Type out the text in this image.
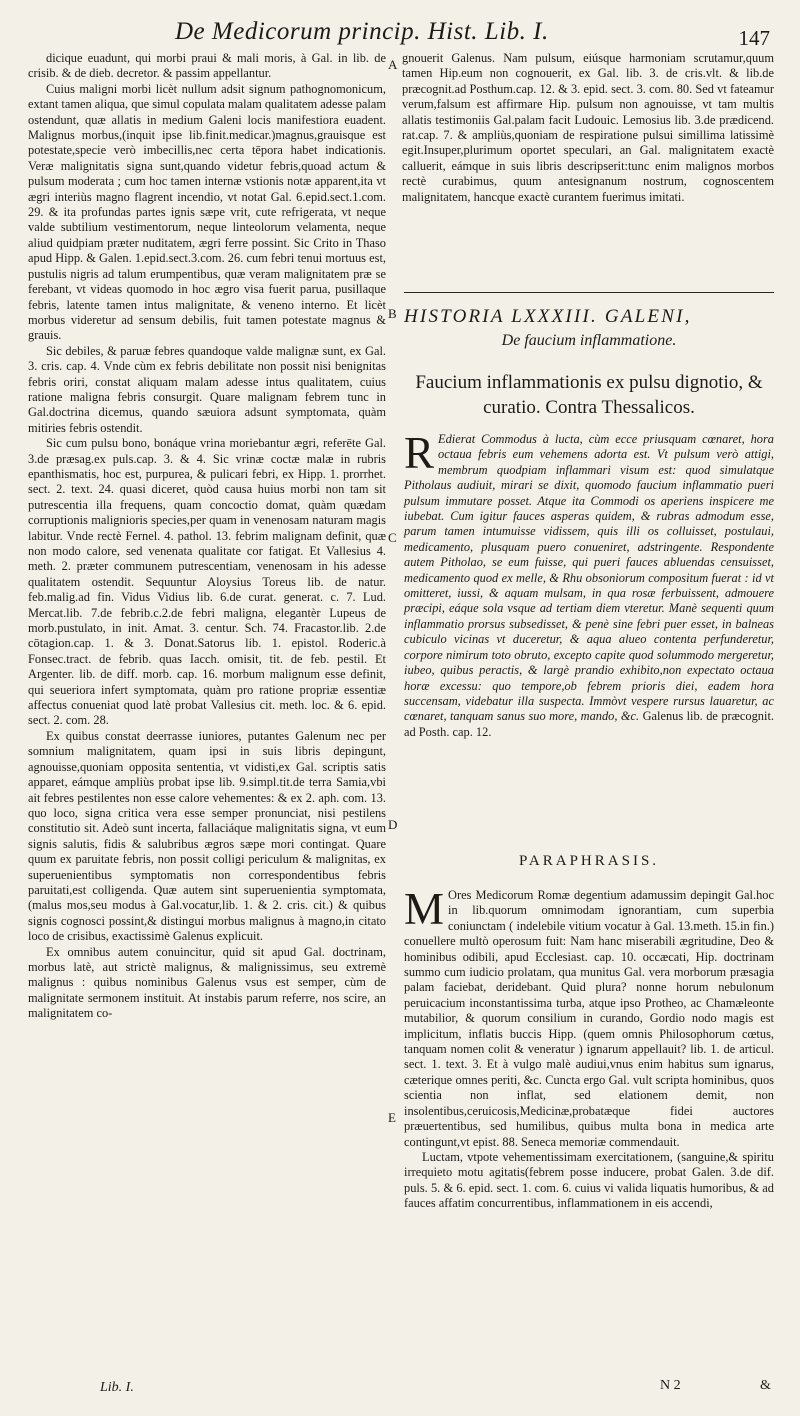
De Medicorum princip. Hist. Lib. I.	147

dicique euadunt, qui morbi praui & mali moris, à Gal. in lib. de crisib. & de dieb. decretor. & passim appellantur.

Cuius maligni morbi licèt nullum adsit signum pathognomonicum, extant tamen aliqua, que simul copulata malam qualitatem adesse palam ostendunt, quæ allatis in medium Galeni locis manifestiora euadent. Malignus morbus,(inquit ipse lib.finit.medicar.)magnus,grauisque est potestate,specie verò imbecillis,nec certa tēpora habet indicationis. Veræ malignitatis signa sunt,quando videtur febris,quoad actum & pulsum moderata ; cum hoc tamen internæ vstionis notæ apparent,ita vt ægri interiùs magno flagrent incendio, vt notat Gal. 6.epid.sect.1.com. 29. & ita profundas partes ignis sæpe vrit, cute refrigerata, vt neque valde subtilium vestimentorum, neque linteolorum velamenta, neque aliud quidpiam præter nuditatem, ægri ferre possint. Sic Crito in Thaso apud Hipp. & Galen. 1.epid.sect.3.com. 26. cum febri tenui mortuus est, pustulis nigris ad talum erumpentibus, quæ veram malignitatem præ se ferebant, vt videas quomodo in hoc ægro visa fuerit parua, pusillaque febris, latente tamen intus malignitate, & veneno interno. Et licèt morbus videretur ad sensum debilis, fuit tamen potestate magnus & grauis.

Sic debiles, & paruæ febres quandoque valde malignæ sunt, ex Gal. 3. cris. cap. 4. Vnde cùm ex febris debilitate non possit nisi benignitas febris oriri, constat aliquam malam adesse intus qualitatem, cuius ratione maligna febris consurgit. Quare malignam febrem tunc in Gal.doctrina dicemus, quando sæuiora adsunt symptomata, quàm mitiries febris ostendit.

Sic cum pulsu bono, bonáque vrina moriebantur ægri, referēte Gal. 3.de præsag.ex puls.cap. 3. & 4. Sic vrinæ coctæ malæ in rubris epanthismatis, hoc est, purpurea, & pulicari febri, ex Hipp. 1. prorrhet. sect. 2. text. 24. quasi diceret, quòd causa huius morbi non tam sit putrescentia illa frequens, quam concoctio domat, quàm quædam corruptionis malignioris species,per quam in venenosam naturam magis labitur. Vnde rectè Fernel. 4. pathol. 13. febrim malignam definit, quæ non modo calore, sed venenata qualitate cor fatigat. Et Vallesius 4. meth. 2. præter communem putrescentiam, venenosam in his adesse qualitatem ostendit. Sequuntur Aloysius Toreus lib. de natur. feb.malig.ad fin. Vidus Vidius lib. 6.de curat. generat. c. 7. Lud. Mercat.lib. 7.de febrib.c.2.de febri maligna, elegantèr Lupeus de morb.pustulato, in init. Amat. 3. centur. Sch. 74. Fracastor.lib. 2.de cōtagion.cap. 1. & 3. Donat.Satorus lib. 1. epistol. Roderic.à Fonsec.tract. de febrib. quas Iacch. omisit, tit. de feb. pestil. Et Argenter. lib. de diff. morb. cap. 16. morbum malignum esse definit, qui seueriora infert symptomata, quàm pro ratione propriæ essentiæ affectus conueniat quod latè probat Vallesius cit. meth. loc. & 6. epid. sect. 2. com. 28.

Ex quibus constat deerrasse iuniores, putantes Galenum nec per somnium malignitatem, quam ipsi in suis libris depingunt, agnouisse,quoniam opposita sententia, vt vidisti,ex Gal. scriptis satis apparet, eámque ampliùs probat ipse lib. 9.simpl.tit.de terra Samia,vbi ait febres pestilentes non esse calore vehementes: & ex 2. aph. com. 13. quo loco, signa critica vera esse semper pronunciat, nisi pestilens constitutio sit. Adeò sunt incerta, fallaciáque malignitatis signa, vt eum signis salutis, fidis & salubribus ægros sæpe mori contingat. Quare quum ex paruitate febris, non possit colligi periculum & malignitas, ex superuenientibus symptomatis non correspondentibus febris paruitati,est colligenda. Quæ autem sint superuenientia symptomata,(malus mos,seu modus à Gal.vocatur,lib. 1. & 2. cris. cit.) & quibus signis cognosci possint,& distingui morbus malignus à magno,in citato loco de crisibus, exactissimè Galenus explicuit.

Ex omnibus autem conuincitur, quid sit apud Gal. doctrinam, morbus latè, aut strictè malignus, & malignissimus, seu extremè malignus : quibus nominibus Galenus vsus est semper, cùm de malignitate sermonem instituit. At instabis parum referre, nos scire, an malignitatem co-

A
B
C
D
E

gnouerit Galenus. Nam pulsum, eiúsque harmoniam scrutamur,quum tamen Hip.eum non cognouerit, ex Gal. lib. 3. de cris.vlt. & lib.de præcognit.ad Posthum.cap. 12. & 3. epid. sect. 3. com. 80. Sed vt fateamur verum,falsum est affirmare Hip. pulsum non agnouisse, vt tam multis allatis testimoniis Gal.palam facit Ludouic. Lemosius lib. 3.de prædicend. rat.cap. 7. & ampliùs,quoniam de respiratione pulsui simillima latissimè egit.Insuper,plurimum oportet speculari, an Gal. malignitatem exactè calluerit, eámque in suis libris descripserit:tunc enim malignos morbos rectè curabimus, quum antesignanum nostrum, cognoscentem malignitatem, hancque exactè curantem fuerimus imitati.

HISTORIA LXXXIII. GALENI,
De faucium inflammatione.
Faucium inflammationis ex pulsu dignotio, & curatio. Contra Thessalicos.

R Edierat Commodus à lucta, cùm ecce priusquam cœnaret, hora octaua febris eum vehemens adorta est. Vt pulsum verò attigi, membrum quodpiam inflammari visum est: quod simulatque Pitholaus audiuit, mirari se dixit, quomodo faucium inflammatio pueri pulsum immutare posset. Atque ita Commodi os aperiens inspicere me iubebat. Cum igitur fauces asperas quidem, & rubras admodum esse, parum tamen intumuisse vidissem, quis illi os colluisset, postulaui, medicamento, plusquam puero conueniret, adstringente. Respondente autem Pitholao, se eum fuisse, qui pueri fauces abluendas censuisset, medicamento quod ex melle, & Rhu obsoniorum compositum fuerat : id vt omitteret, iussi, & aquam mulsam, in qua rosæ ferbuissent, admouere præcipi, eáque sola vsque ad tertiam diem vteretur. Manè sequenti quum inflammatio prorsus subsedisset, & penè sine febri puer esset, in balneas cubiculo vicinas vt duceretur, & aqua alueo contenta perfunderetur, corpore nimirum toto obruto, excepto capite quod solummodo mergeretur, iubeo, quibus peractis, & largè prandio exhibito,non expectato octaua horæ excessu: quo tempore,ob febrem prioris diei, eadem hora succensam, videbatur illa suspecta. Immòvt vespere rursus lauaretur, ac cœnaret, tanquam sanus suo more, mando, &c. Galenus lib. de præcognit. ad Posth. cap. 12.

PARAPHRASIS.

M Ores Medicorum Romæ degentium adamussim depingit Gal.hoc in lib.quorum omnimodam ignorantiam, cum superbia coniunctam ( indelebile vitium vocatur à Gal. 13.meth. 15.in fin.) conuellere multò operosum fuit: Nam hanc miserabili ægritudine, Deo & hominibus odibili, apud Ecclesiast. cap. 10. occæcati, Hip. doctrinam summo cum iudicio prolatam, qua munitus Gal. vera morborum præsagia palam faciebat, deridebant. Quid plura? nonne horum nebulonum peruicacium inconstantissima turba, atque ipso Protheo, ac Chamæleonte mutabilior, & quorum consilium in curando, Gordio nodo magis est implicitum, inflatis buccis Hipp. (quem omnis Philosophorum cœtus, tanquam nomen colit & veneratur ) ignarum appellauit? lib. 1. de articul. sect. 1. text. 3. Et à vulgo malè audiui,vnus enim habitus sum ignarus, cæterique omnes periti, &c. Cuncta ergo Gal. vult scripta hominibus, quos scientia non inflat, sed elationem demit, non insolentibus,ceruicosis,Medicinæ,probatæque fidei auctores præuertentibus, sed humilibus, quibus multa bona in medica arte contingunt,vt epist. 88. Seneca memoriæ commendauit.

Luctam, vtpote vehementissimam exercitationem, (sanguine,& spiritu irrequieto motu agitatis(febrem posse inducere, probat Galen. 3.de dif. puls. 5. & 6. epid. sect. 1. com. 6. cuius vi valida liquatis humoribus, & ad fauces affatim concurrentibus, inflammationem in eis accendi,

Lib. I.	N 2	&
